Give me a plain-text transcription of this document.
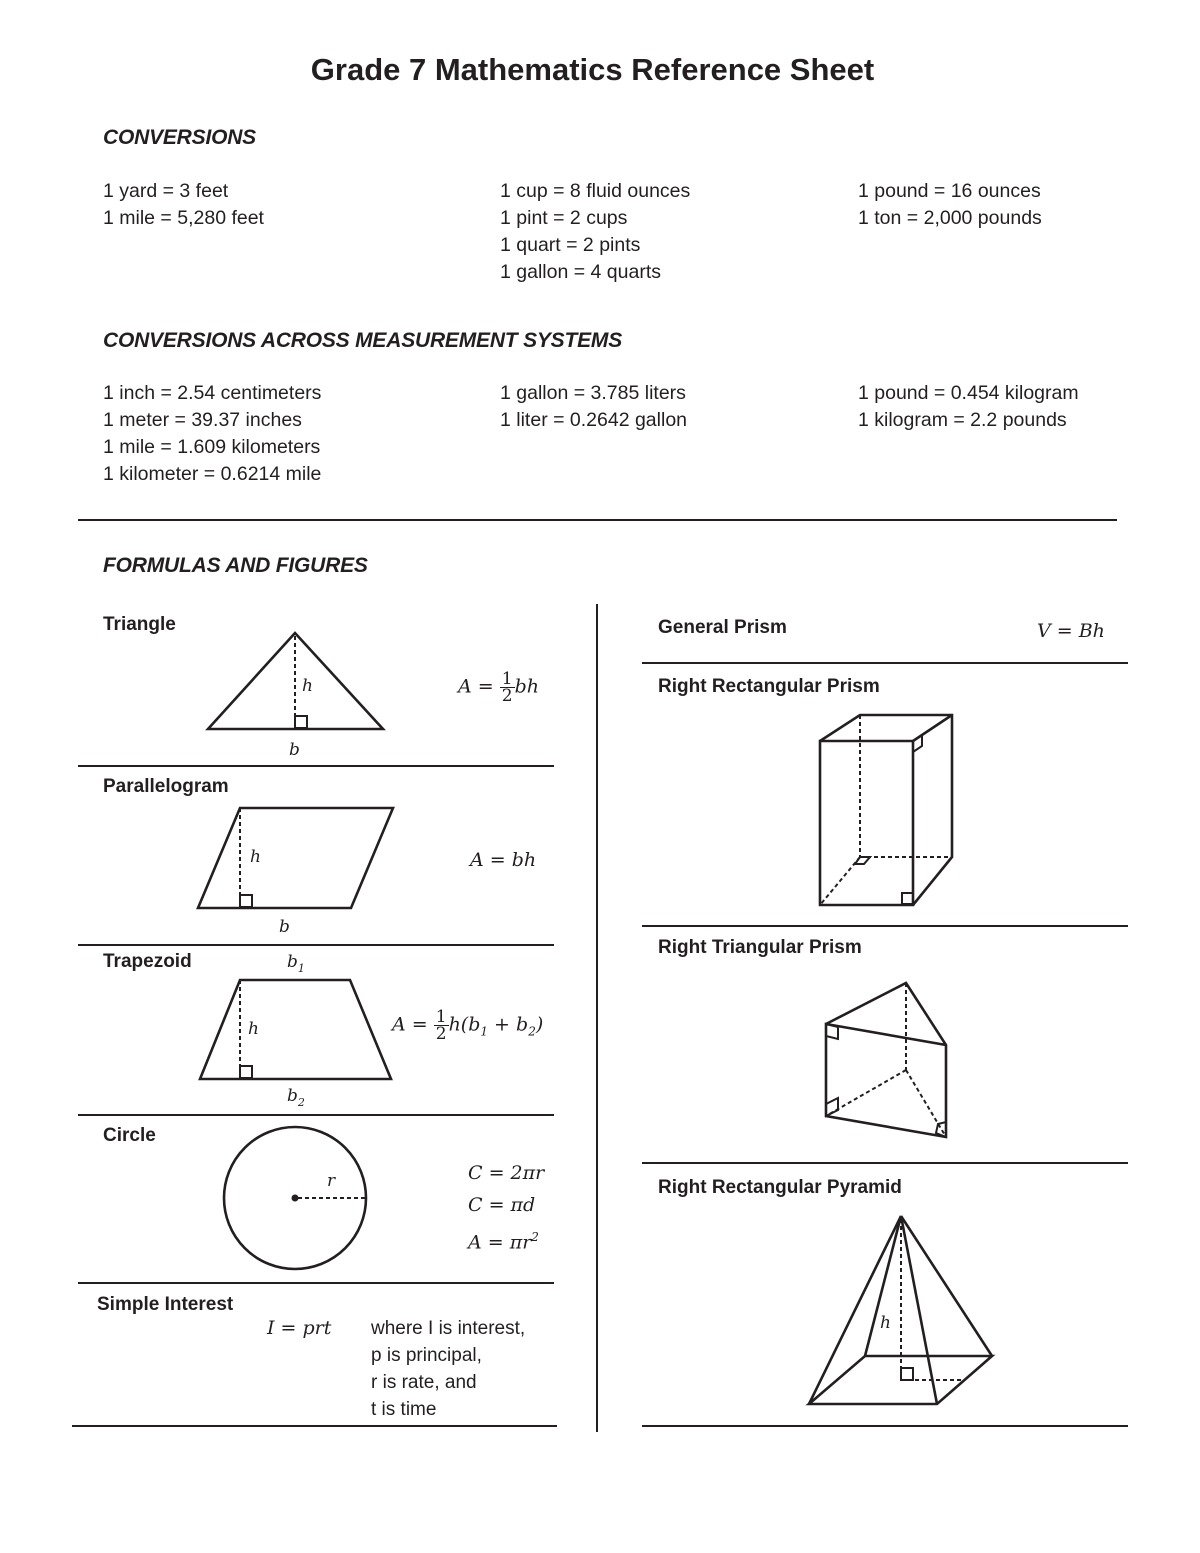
Grade 7 Mathematics Reference Sheet
CONVERSIONS
1 yard = 3 feet
1 mile = 5,280 feet
1 cup = 8 fluid ounces
1 pint = 2 cups
1 quart = 2 pints
1 gallon = 4 quarts
1 pound = 16 ounces
1 ton = 2,000 pounds
CONVERSIONS ACROSS MEASUREMENT SYSTEMS
1 inch = 2.54 centimeters
1 meter = 39.37 inches
1 mile = 1.609 kilometers
1 kilometer = 0.6214 mile
1 gallon = 3.785 liters
1 liter = 0.2642 gallon
1 pound = 0.454 kilogram
1 kilogram = 2.2 pounds
FORMULAS AND FIGURES
Triangle
h
b
$A = \frac{1}{2}$ bh
Parallelogram
h
b
A = bh
Trapezoid
h
$b_1$
$b_2$
$A = \frac{1}{2} h(b_1 + b_2)$
Circle
r	C = 2πr
C = πd
$A = \pi r^2$
Simple Interest
I = prt where I is interest,
p is principal,
r is rate, and
t is time
General Prism	V = Bh
Right Rectangular Prism
Right Triangular Prism
Right Rectangular Pyramid
h
